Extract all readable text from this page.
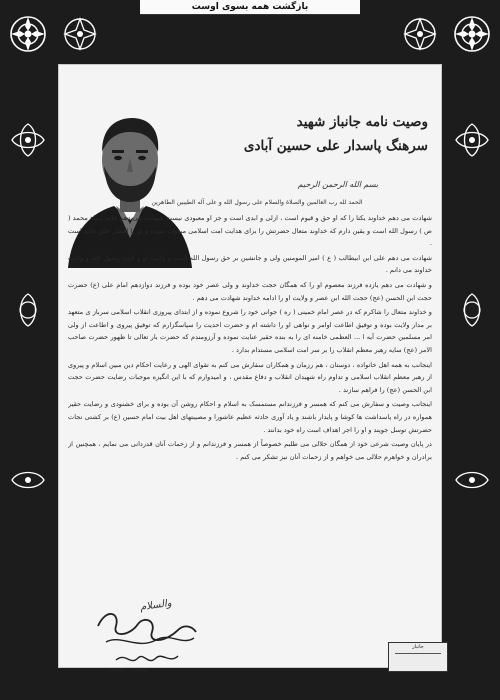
بازگشت همه بسوی اوست
وصیت نامه جانباز شهید
سرهنگ پاسدار علی حسین آبادی
بسم الله الرحمن الرحیم
الحمد لله رب العالمین والصلاة والسلام علی رسول الله و علی آله الطیبین الطاهرین

شهادت می دهم خداوند یکتا را که او حق و قیوم است ، ازلی و ابدی است و جز او معبودی نیست شهادت می دهم خاتم انبیاء محمد ( ص ) رسول الله است و یقین دارم که خداوند متعال حضرتش را برای هدایت امت اسلامی مبعوث نموده و او را افضل خلق عالم است .

شهادت می دهم علی ابن ابیطالب ( ع ) امیر المومنین ولی و جانشین بر حق رسول الله است و ولایت او و لایت رسول الله و ولایت خداوند می دانم .

و شهادت می دهم یازده فرزند معصوم او را که همگان حجت خداوند و ولی عصر خود بوده و فرزند دوازدهم امام علی (ع) حضرت حجت ابن الحسن (عج) حجت الله ابن عصر و ولایت او را ادامه خداوند شهادت می دهم .

و خداوند متعال را شاکرم که در عصر امام خمینی ( ره ) جوانی خود را شروع نموده و از ابتدای پیروزی انقلاب اسلامی سرباز ی متعهد بر مدار ولایت بوده و توفیق اطاعت اوامر و نواهی او را داشته ام و حضرت احدیت را سپاسگزارم که توفیق پیروی و اطاعت از ولی امر مسلمین حضرت آیه ا ... العظمی خامنه ای را به بنده حقیر عنایت نموده و آرزومندم که حضرت بار تعالی تا ظهور حضرت صاحب الامر (عج) سایه رهبر معظم انقلاب را بر سر امت اسلامی مستدام بدارد .

اینجانب به همه اهل خانواده ، دوستان ، هم رزمان و همکاران سفارش می کنم به تقوای الهی و رعایت احکام دین مبین اسلام و پیروی از رهبر معظم انقلاب اسلامی و تداوم راه شهیدان انقلاب و دفاع مقدس ، و امیدوارم که با این انگیزه موجبات رضایت حضرت حجت ابن الحسن (عج) را فراهم سازند .

اینجانب وصیت و سفارش می کنم که همسر و فرزندانم مستمسک به اسلام و احکام روشن آن بوده و برای خشنودی و رضایت حقیر همواره در راه پاسداشت ها کوشا و پایدار باشند و یاد آوری حادثه عظیم عاشورا و مصیبتهای اهل بیت امام حسین (ع) بر کشتی نجات حضرتش توسل جویند و او را اجر اهداف است راه خود بدانند .

در پایان وصیت شرعی خود از همگان حلالی می طلبم خصوصاً از همسر و فرزندانم و از زحمات آنان قدردانی می نمایم ، همچنین از برادران و خواهرم حلالی می خواهم و از زحمات آنان نیز تشکر می کنم .

والسلام
جانباز
